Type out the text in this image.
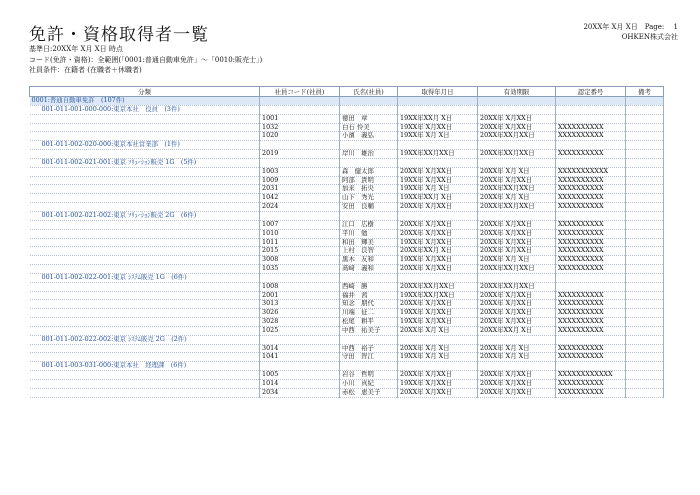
免許・資格取得者一覧	20XX年 X月 X日　 Page:　 1
OHKEN株式会社
基準日:20XX年 X月 X日 時点
コード(免許・資格)：全範囲(「0001:普通自動車免許」～「0010:販売士」)
社員条件：在籍者 (在職者＋休職者)
分類	社員コード(社員)	氏名(社員)	取得年月日	有効期限	認定番号	備考
0001:普通自動車免許　(107件)						
001-011-001-000-000:東京本社　役員　(3件)						
	1001	徳田　章	19XX年XX月 X日	20XX年 X月XX日		
	1032	白石 怜美	19XX年 X月XX日	20XX年 X月XX日	XXXXXXXXXX	
	1020	小濱　義弘	19XX年 X月 X日	20XX年XX月XX日	XXXXXXXXXX	
001-011-002-020-000:東京本社営業部　(1件)						
	2019	岸川　雄治	19XX年XX月XX日	20XX年XX月XX日	XXXXXXXXXX	
001-011-002-021-001:東京 ｿﾘｭｰｼｮﾝ販売 1G　(5件)						
	1003	森　健太郎	20XX年 X月XX日	20XX年 X月 X日	XXXXXXXXXXX	
	1009	阿部　貴明	19XX年 X月XX日	20XX年 X月XX日	XXXXXXXXXX	
	2031	加来　拓央	19XX年 X月 X日	20XX年XX月XX日	XXXXXXXXXX	
	1042	山下　秀光	19XX年XX月 X日	20XX年 X月 X日	XXXXXXXXXX	
	2024	安田　良輔	20XX年 X月XX日	20XX年XX月XX日	XXXXXXXXXX	
001-011-002-021-002:東京 ｿﾘｭｰｼｮﾝ販売 2G　(6件)						
	1007	江口　広樹	20XX年 X月XX日	20XX年 X月XX日	XXXXXXXXXX	
	1010	平川　勉	20XX年 X月XX日	20XX年 X月XX日	XXXXXXXXXX	
	1011	和田　輝美	19XX年 X月XX日	20XX年 X月XX日	XXXXXXXXXX	
	2015	上村　良智	20XX年XX月 X日	20XX年 X月XX日	XXXXXXXXXX	
	3008	黒木　友和	19XX年 X月XX日	20XX年 X月 X日	XXXXXXXXXX	
	1035	髙﨑　義和	20XX年 X月XX日	20XX年XX月XX日	XXXXXXXXXX	
001-011-002-022-001:東京 ｼｽﾃﾑ販売 1G　(6件)						
	1008	西崎　勝	20XX年XX月XX日	20XX年XX月XX日		
	2001	福井　茜	19XX年XX月XX日	20XX年 X月XX日	XXXXXXXXXX	
	3013	知念　朋代	20XX年 X月XX日	20XX年 X月XX日	XXXXXXXXXX	
	3026	川端　征二	19XX年 X月XX日	20XX年 X月XX日	XXXXXXXXXX	
	3028	松尾　耕平	19XX年 X月XX日	20XX年 X月XX日	XXXXXXXXXX	
	1025	中西　祐美子	20XX年 X月 X日	20XX年XX月 X日	XXXXXXXXXX	
001-011-002-022-002:東京 ｼｽﾃﾑ販売 2G　(2件)						
	3014	中西　裕子	20XX年 X月 X日	20XX年 X月 X日	XXXXXXXXXX	
	1041	守田　智江	19XX年 X月 X日	20XX年 X月 X日	XXXXXXXXXX	
001-011-003-031-000:東京本社　経理課　(6件)						
	1005	岩谷　哲明	20XX年 X月XX日	20XX年 X月XX日	XXXXXXXXXXXX	
	1014	小川　真紀	19XX年 X月XX日	20XX年 X月XX日	XXXXXXXXXX	
	2034	赤松　恵美子	20XX年 X月XX日	20XX年 X月XX日	XXXXXXXXXX	
